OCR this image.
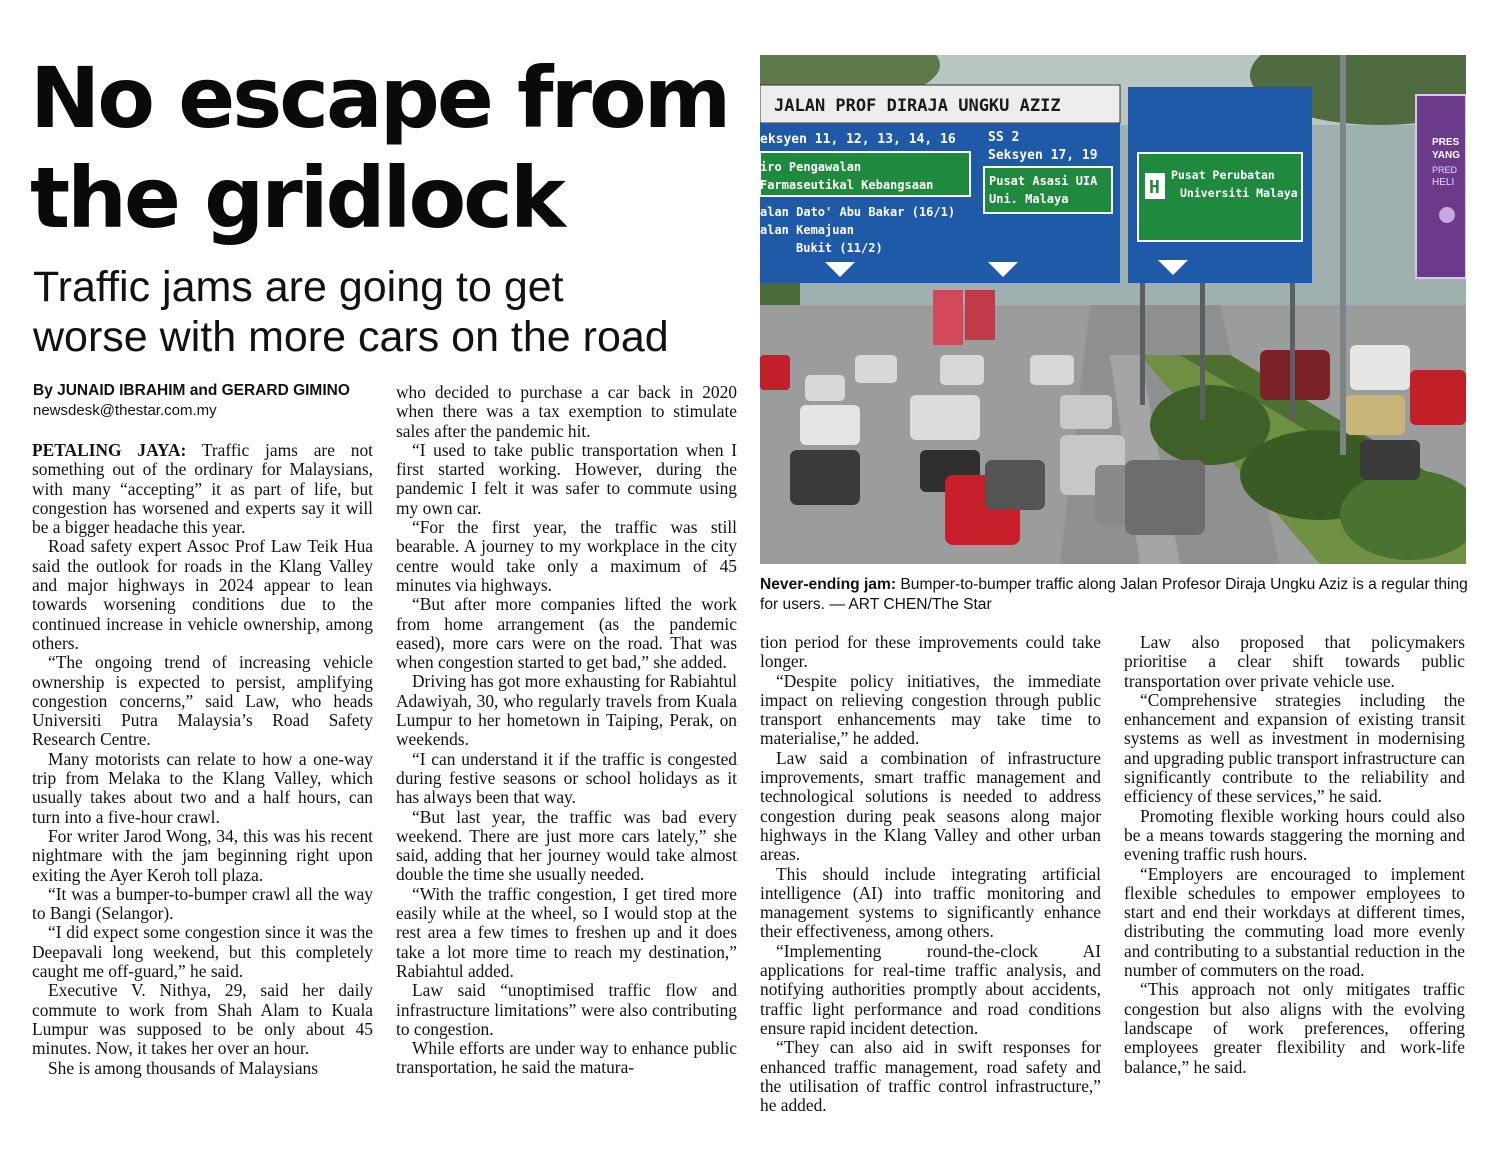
No escape from
the gridlock
Traffic jams are going to get
worse with more cars on the road
By JUNAID IBRAHIM and GERARD GIMINO
newsdesk@thestar.com.my

PETALING JAYA: Traffic jams are not something out of the ordinary for Malaysians, with many “accepting” it as part of life, but congestion has worsened and experts say it will be a bigger headache this year.

Road safety expert Assoc Prof Law Teik Hua said the outlook for roads in the Klang Valley and major highways in 2024 appear to lean towards worsening conditions due to the continued increase in vehicle ownership, among others.

“The ongoing trend of increasing vehicle ownership is expected to persist, amplifying congestion concerns,” said Law, who heads Universiti Putra Malaysia’s Road Safety Research Centre.

Many motorists can relate to how a one-way trip from Melaka to the Klang Valley, which usually takes about two and a half hours, can turn into a five-hour crawl.

For writer Jarod Wong, 34, this was his recent nightmare with the jam beginning right upon exiting the Ayer Keroh toll plaza.

“It was a bumper-to-bumper crawl all the way to Bangi (Selangor).

“I did expect some congestion since it was the Deepavali long weekend, but this completely caught me off-guard,” he said.

Executive V. Nithya, 29, said her daily commute to work from Shah Alam to Kuala Lumpur was supposed to be only about 45 minutes. Now, it takes her over an hour.

She is among thousands of Malaysians

who decided to purchase a car back in 2020 when there was a tax exemption to stimulate sales after the pandemic hit.

“I used to take public transportation when I first started working. However, during the pandemic I felt it was safer to commute using my own car.

“For the first year, the traffic was still bearable. A journey to my workplace in the city centre would take only a maximum of 45 minutes via highways.

“But after more companies lifted the work from home arrangement (as the pandemic eased), more cars were on the road. That was when congestion started to get bad,” she added.

Driving has got more exhausting for Rabiahtul Adawiyah, 30, who regularly travels from Kuala Lumpur to her hometown in Taiping, Perak, on weekends.

“I can understand it if the traffic is congested during festive seasons or school holidays as it has always been that way.

“But last year, the traffic was bad every weekend. There are just more cars lately,” she said, adding that her journey would take almost double the time she usually needed.

“With the traffic congestion, I get tired more easily while at the wheel, so I would stop at the rest area a few times to freshen up and it does take a lot more time to reach my destination,” Rabiahtul added.

Law said “unoptimised traffic flow and infrastructure limitations” were also contributing to congestion.

While efforts are under way to enhance public transportation, he said the matura-

JALAN PROF DIRAJA UNGKU AZIZ
eksyen 11, 12, 13, 14, 16
iro Pengawalan
Farmaseutikal Kebangsaan
alan Dato' Abu Bakar (16/1)
alan Kemajuan
Bukit (11/2)
SS 2
Seksyen 17, 19
Pusat Asasi UIA
Uni. Malaya
H
Pusat Perubatan
Universiti Malaya
PRES
YANG
PRED
HELI
Never-ending jam: Bumper-to-bumper traffic along Jalan Profesor Diraja Ungku Aziz is a regular thing for users. — ART CHEN/The Star

tion period for these improvements could take longer.

“Despite policy initiatives, the immediate impact on relieving congestion through public transport enhancements may take time to materialise,” he added.

Law said a combination of infrastructure improvements, smart traffic management and technological solutions is needed to address congestion during peak seasons along major highways in the Klang Valley and other urban areas.

This should include integrating artificial intelligence (AI) into traffic monitoring and management systems to significantly enhance their effectiveness, among others.

“Implementing round-the-clock AI applications for real-time traffic analysis, and notifying authorities promptly about accidents, traffic light performance and road conditions ensure rapid incident detection.

“They can also aid in swift responses for enhanced traffic management, road safety and the utilisation of traffic control infrastructure,” he added.

Law also proposed that policymakers prioritise a clear shift towards public transportation over private vehicle use.

“Comprehensive strategies including the enhancement and expansion of existing transit systems as well as investment in modernising and upgrading public transport infrastructure can significantly contribute to the reliability and efficiency of these services,” he said.

Promoting flexible working hours could also be a means towards staggering the morning and evening traffic rush hours.

“Employers are encouraged to implement flexible schedules to empower employees to start and end their workdays at different times, distributing the commuting load more evenly and contributing to a substantial reduction in the number of commuters on the road.

“This approach not only mitigates traffic congestion but also aligns with the evolving landscape of work preferences, offering employees greater flexibility and work-life balance,” he said.
